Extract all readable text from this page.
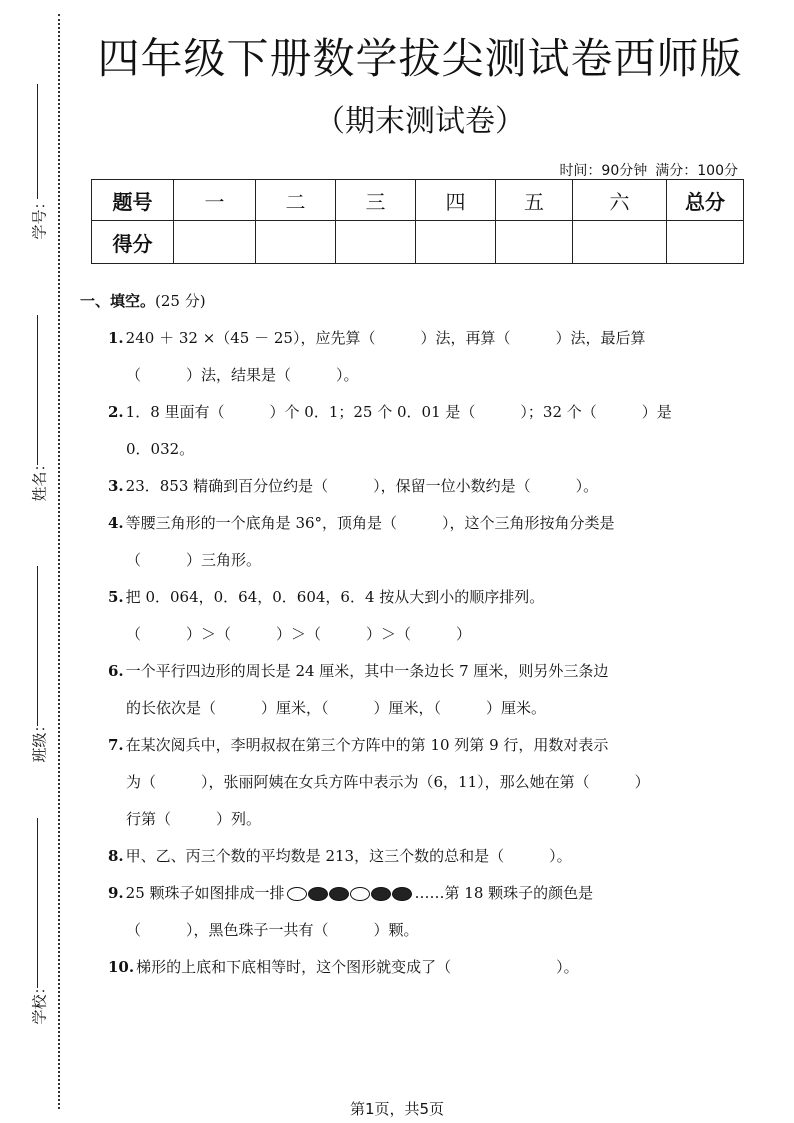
学号：
姓名：
班级：
学校：
四年级下册数学拔尖测试卷西师版
（期末测试卷）
时间：90分钟 满分：100分
题号	一	二	三	四	五	六	总分
得分							
一、填空。(25 分)
1. 240 ＋ 32 ×（45 － 25），应先算（　　　）法，再算（　　　）法，最后算
（　　　）法，结果是（　　　）。
2. 1．8 里面有（　　　）个 0．1；25 个 0．01 是（　　　）；32 个（　　　）是
0．032。
3. 23．853 精确到百分位约是（　　　），保留一位小数约是（　　　）。
4. 等腰三角形的一个底角是 36°，顶角是（　　　），这个三角形按角分类是
（　　　）三角形。
5. 把 0．064，0．64，0．604，6．4 按从大到小的顺序排列。
（　　　）＞（　　　）＞（　　　）＞（　　　）
6. 一个平行四边形的周长是 24 厘米，其中一条边长 7 厘米，则另外三条边
的长依次是（　　　）厘米，（　　　）厘米，（　　　）厘米。
7. 在某次阅兵中，李明叔叔在第三个方阵中的第 10 列第 9 行，用数对表示
为（　　　），张丽阿姨在女兵方阵中表示为（6，11），那么她在第（　　　）
行第（　　　）列。
8. 甲、乙、丙三个数的平均数是 213，这三个数的总和是（　　　）。
9. 25 颗珠子如图排成一排	……第 18 颗珠子的颜色是
（　　　），黑色珠子一共有（　　　）颗。
10. 梯形的上底和下底相等时，这个图形就变成了（　　　　　　　）。
第1页，共5页
